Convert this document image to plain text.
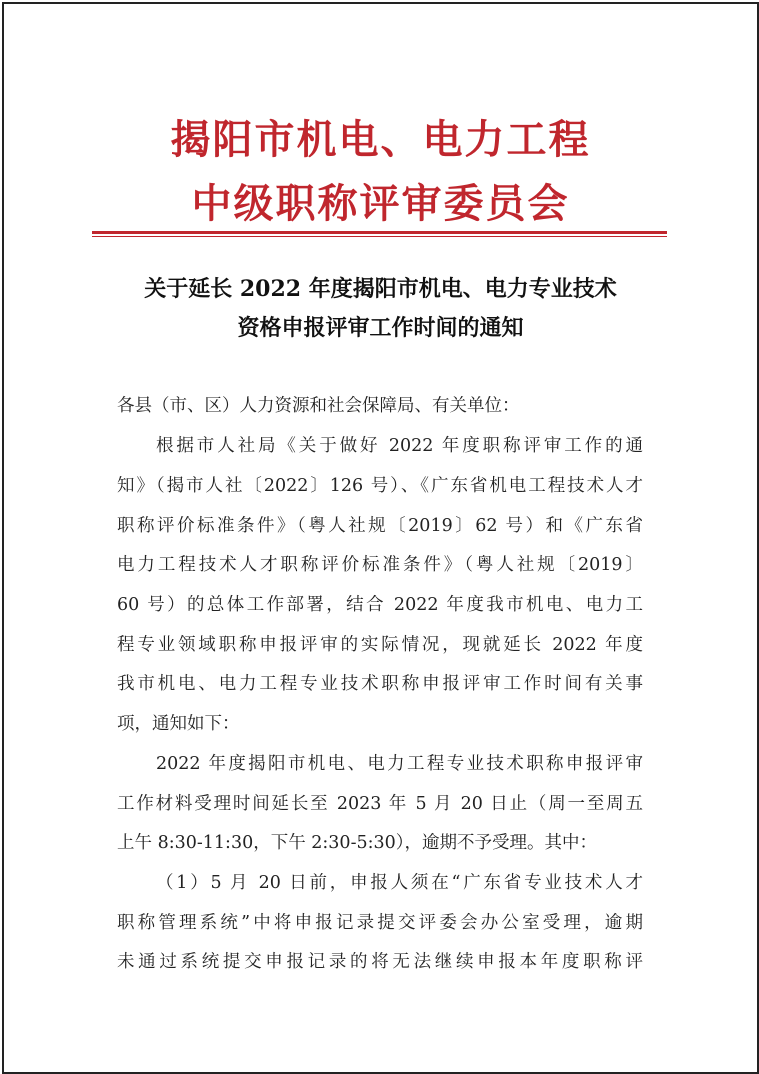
揭阳市机电、电力工程
中级职称评审委员会
关于延长 2022 年度揭阳市机电、电力专业技术
资格申报评审工作时间的通知
各县（市、区）人力资源和社会保障局、有关单位：
根据市人社局《关于做好 2022 年度职称评审工作的通
知》（揭市人社〔2022〕126 号）、《广东省机电工程技术人才
职称评价标准条件》（粤人社规〔2019〕62 号）和《广东省
电力工程技术人才职称评价标准条件》（粤人社规〔2019〕
60 号）的总体工作部署，结合 2022 年度我市机电、电力工
程专业领域职称申报评审的实际情况，现就延长 2022 年度
我市机电、电力工程专业技术职称申报评审工作时间有关事
项，通知如下：
2022 年度揭阳市机电、电力工程专业技术职称申报评审
工作材料受理时间延长至 2023 年 5 月 20 日止（周一至周五
上午 8:30-11:30，下午 2:30-5:30），逾期不予受理。其中：
（1）5 月 20 日前，申报人须在“广东省专业技术人才
职称管理系统”中将申报记录提交评委会办公室受理，逾期
未通过系统提交申报记录的将无法继续申报本年度职称评
